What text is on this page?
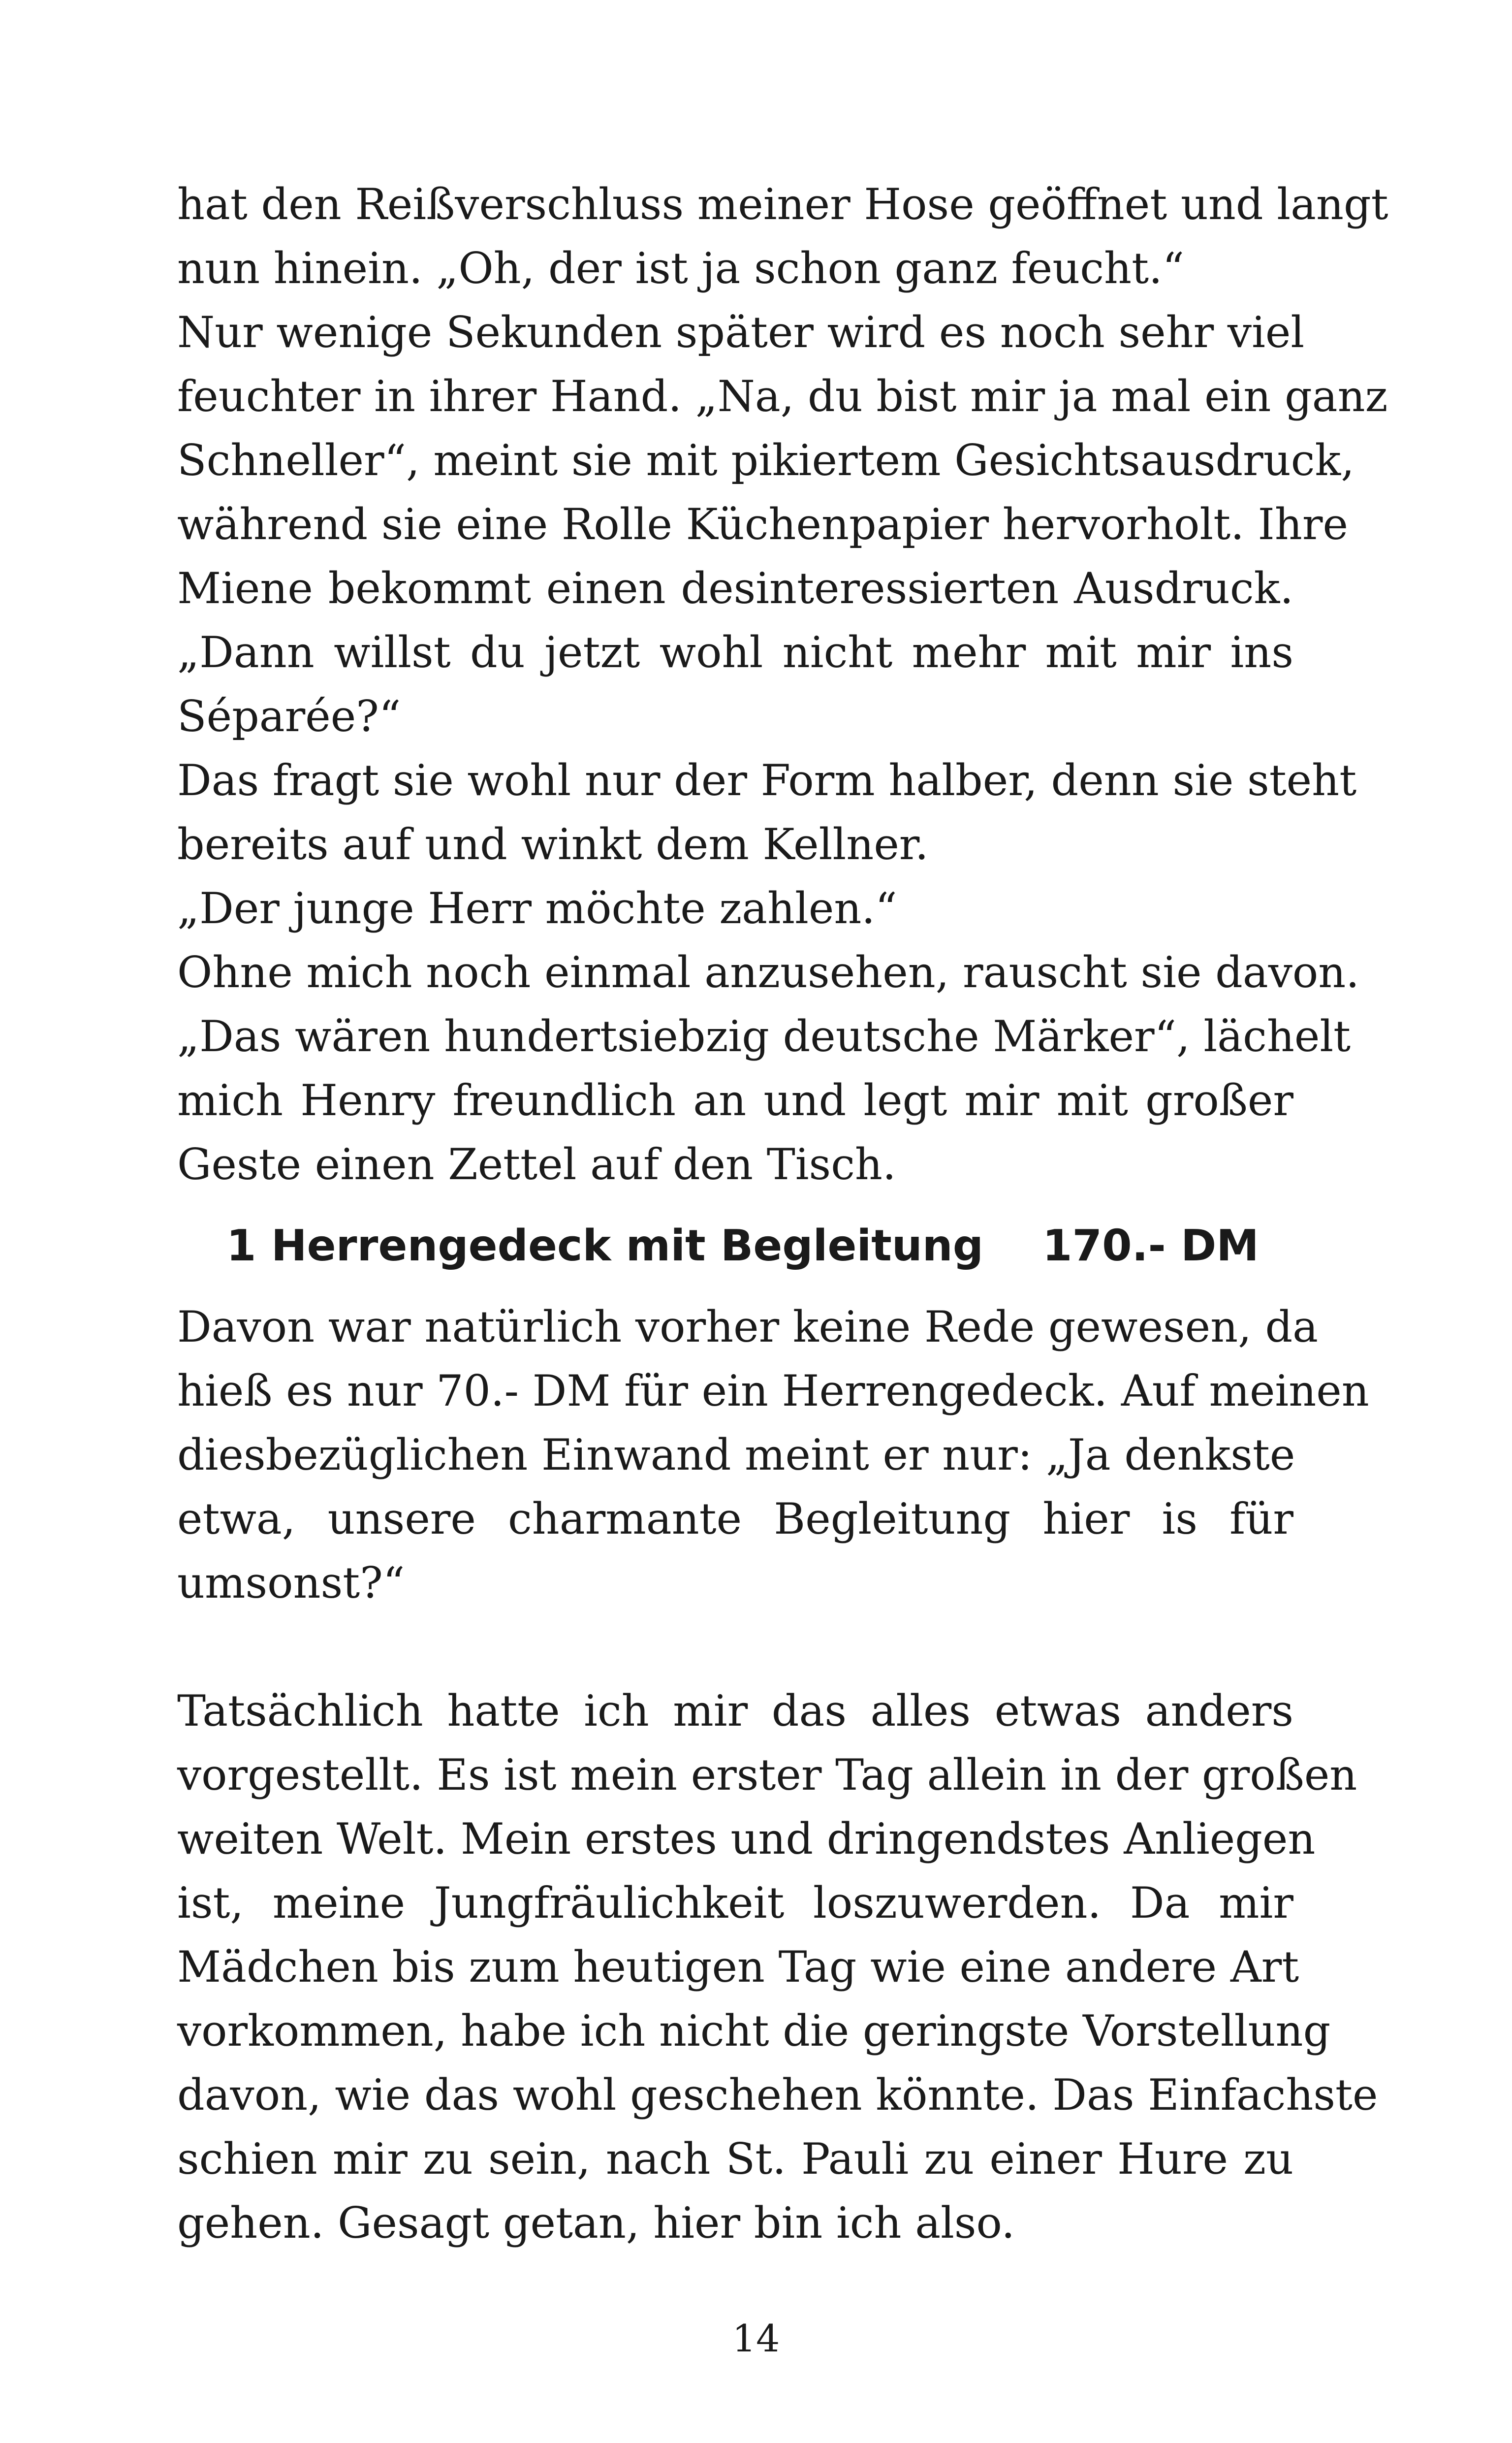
hat den Reißverschluss meiner Hose geöffnet und langt
nun hinein. „Oh, der ist ja schon ganz feucht.“
Nur wenige Sekunden später wird es noch sehr viel
feuchter in ihrer Hand. „Na, du bist mir ja mal ein ganz
Schneller“, meint sie mit pikiertem Gesichtsausdruck,
während sie eine Rolle Küchenpapier hervorholt. Ihre
Miene bekommt einen desinteressierten Ausdruck.
„Dann willst du jetzt wohl nicht mehr mit mir ins
Séparée?“
Das fragt sie wohl nur der Form halber, denn sie steht
bereits auf und winkt dem Kellner.
„Der junge Herr möchte zahlen.“
Ohne mich noch einmal anzusehen, rauscht sie davon.
„Das wären hundertsiebzig deutsche Märker“, lächelt
mich Henry freundlich an und legt mir mit großer
Geste einen Zettel auf den Tisch.
1 Herrengedeck mit Begleitung 170.- DM
Davon war natürlich vorher keine Rede gewesen, da
hieß es nur 70.- DM für ein Herrengedeck. Auf meinen
diesbezüglichen Einwand meint er nur: „Ja denkste
etwa, unsere charmante Begleitung hier is für
umsonst?“
Tatsächlich hatte ich mir das alles etwas anders
vorgestellt. Es ist mein erster Tag allein in der großen
weiten Welt. Mein erstes und dringendstes Anliegen
ist, meine Jungfräulichkeit loszuwerden. Da mir
Mädchen bis zum heutigen Tag wie eine andere Art
vorkommen, habe ich nicht die geringste Vorstellung
davon, wie das wohl geschehen könnte. Das Einfachste
schien mir zu sein, nach St. Pauli zu einer Hure zu
gehen. Gesagt getan, hier bin ich also.
14
